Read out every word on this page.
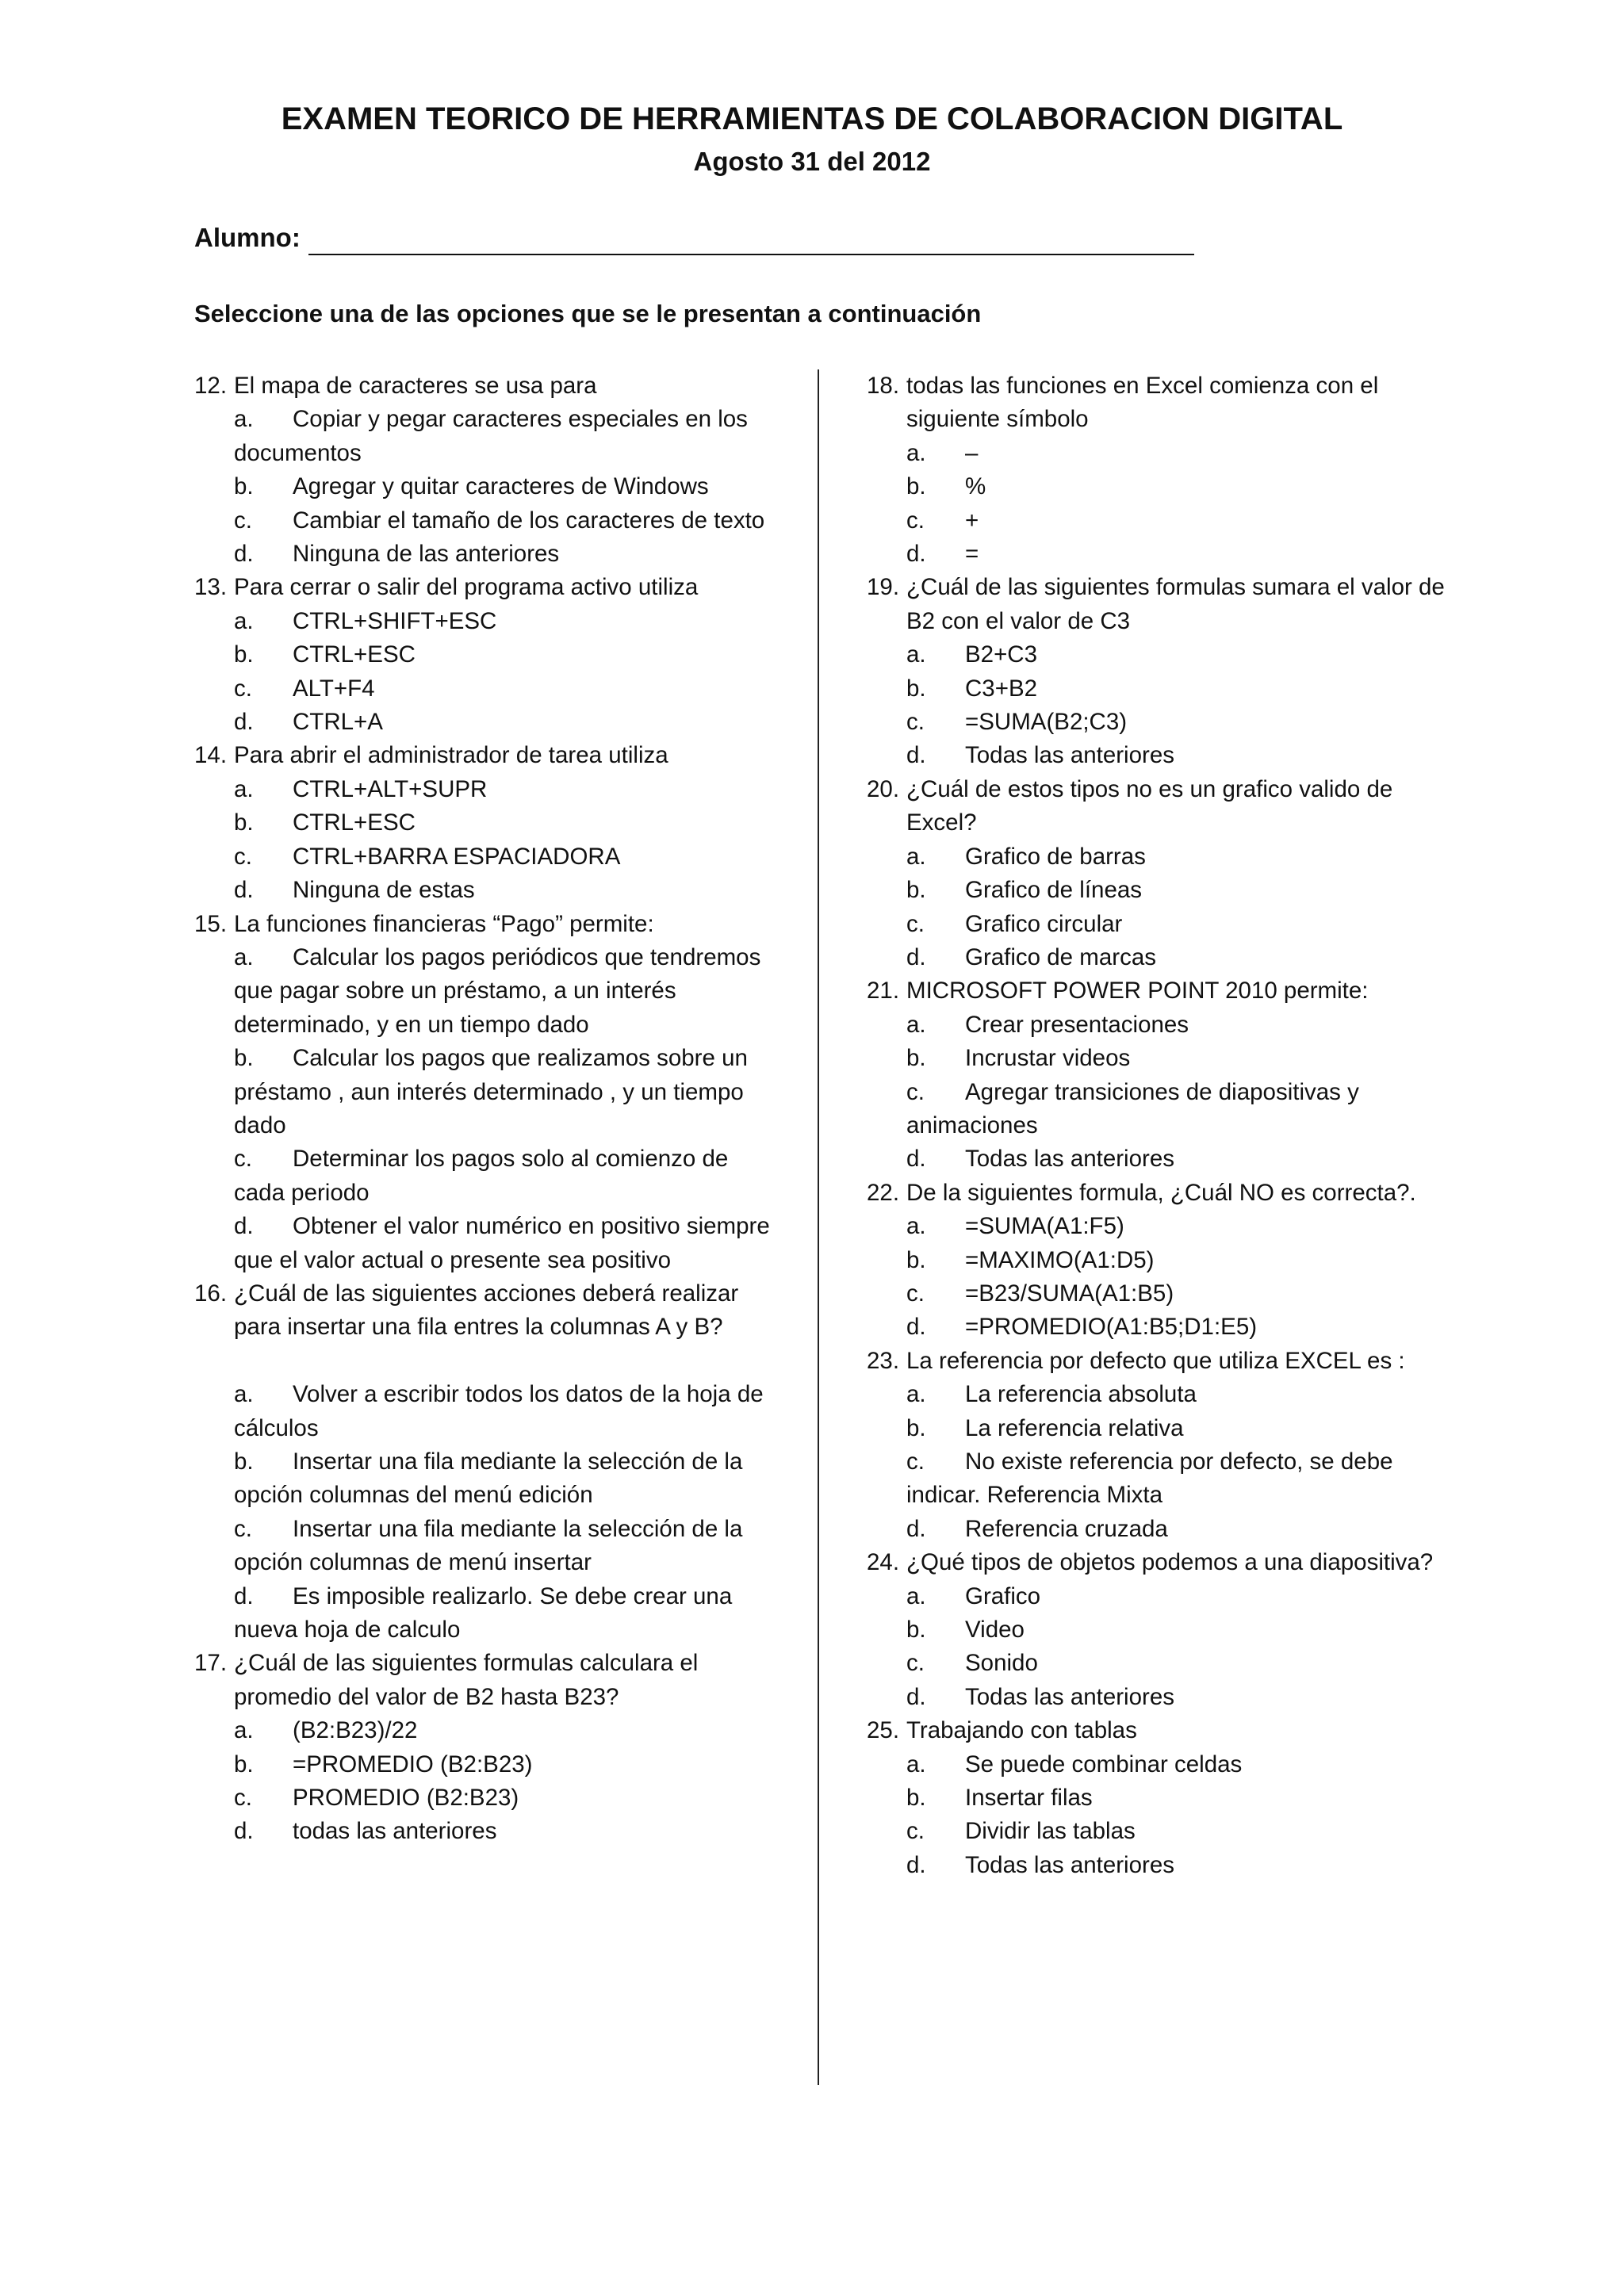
EXAMEN TEORICO DE HERRAMIENTAS DE COLABORACION DIGITAL
Agosto 31 del 2012
Alumno:

Seleccione una de las opciones que se le presentan a continuación

12. El mapa de caracteres se usa para
a. Copiar y pegar caracteres especiales en los documentos
b. Agregar y quitar caracteres de Windows
c. Cambiar el tamaño de los caracteres de texto
d. Ninguna de las anteriores
13. Para cerrar o salir del programa activo utiliza
a. CTRL+SHIFT+ESC
b. CTRL+ESC
c. ALT+F4
d. CTRL+A
14. Para abrir el administrador de tarea utiliza
a. CTRL+ALT+SUPR
b. CTRL+ESC
c. CTRL+BARRA ESPACIADORA
d. Ninguna de estas
15. La funciones financieras “Pago” permite:
a. Calcular los pagos periódicos que tendremos que pagar sobre un préstamo, a un interés determinado, y en un tiempo dado
b. Calcular los pagos que realizamos sobre un préstamo , aun interés determinado , y un tiempo dado
c. Determinar los pagos solo al comienzo de cada periodo
d. Obtener el valor numérico en positivo siempre que el valor actual o presente sea positivo
16. ¿Cuál de las siguientes acciones deberá realizar para insertar una fila entres la columnas A y B?
a. Volver a escribir todos los datos de la hoja de cálculos
b. Insertar una fila mediante la selección de la opción columnas del menú edición
c. Insertar una fila mediante la selección de la opción columnas de menú insertar
d. Es imposible realizarlo. Se debe crear una nueva hoja de calculo
17. ¿Cuál de las siguientes formulas calculara el promedio del valor de B2 hasta B23?
a. (B2:B23)/22
b. =PROMEDIO (B2:B23)
c. PROMEDIO (B2:B23)
d. todas las anteriores
18. todas las funciones en Excel comienza con el siguiente símbolo
a. –
b. %
c. +
d. =
19. ¿Cuál de las siguientes formulas sumara el valor de B2 con el valor de C3
a. B2+C3
b. C3+B2
c. =SUMA(B2;C3)
d. Todas las anteriores
20. ¿Cuál de estos tipos no es un grafico valido de Excel?
a. Grafico de barras
b. Grafico de líneas
c. Grafico circular
d. Grafico de marcas
21. MICROSOFT POWER POINT 2010 permite:
a. Crear presentaciones
b. Incrustar videos
c. Agregar transiciones de diapositivas y animaciones
d. Todas las anteriores
22. De la siguientes formula, ¿Cuál NO es correcta?.
a. =SUMA(A1:F5)
b. =MAXIMO(A1:D5)
c. =B23/SUMA(A1:B5)
d. =PROMEDIO(A1:B5;D1:E5)
23. La referencia por defecto que utiliza EXCEL es :
a. La referencia absoluta
b. La referencia relativa
c. No existe referencia por defecto, se debe indicar. Referencia Mixta
d. Referencia cruzada
24. ¿Qué tipos de objetos podemos a una diapositiva?
a. Grafico
b. Video
c. Sonido
d. Todas las anteriores
25. Trabajando con tablas
a. Se puede combinar celdas
b. Insertar filas
c. Dividir las tablas
d. Todas las anteriores
